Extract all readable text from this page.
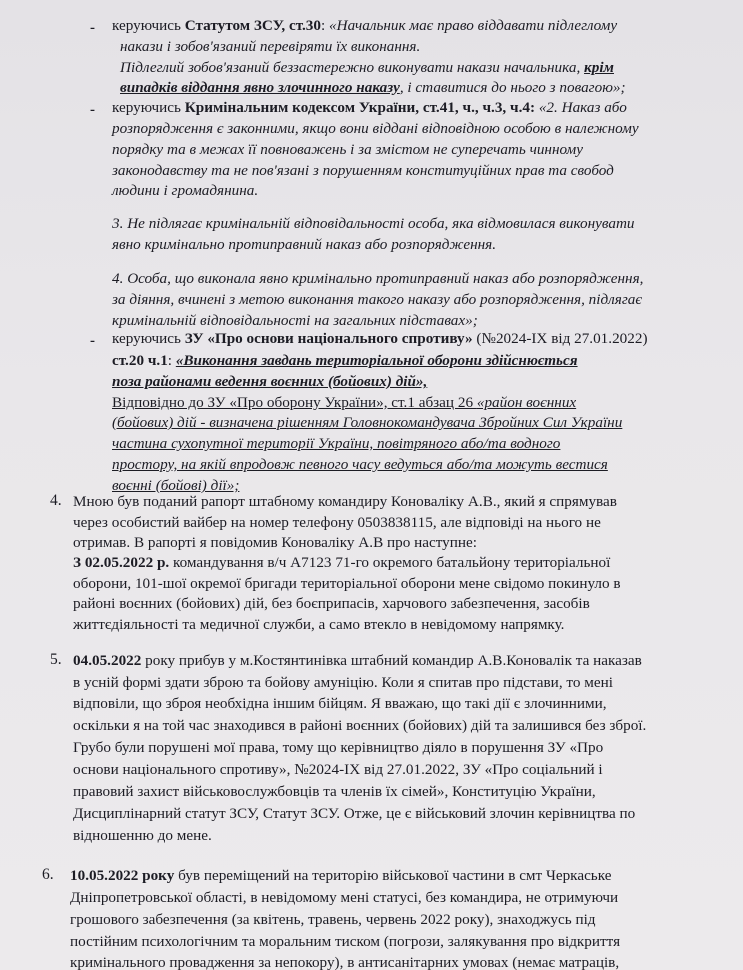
- керуючись Статутом ЗСУ, ст.30: «Начальник має право віддавати підлеглому
накази і зобов'язаний перевіряти їх виконання.
Підлеглий зобов'язаний беззастережно виконувати накази начальника, крім
випадків віддання явно злочинного наказу, і ставитися до нього з повагою»;
- керуючись Кримінальним кодексом України, ст.41, ч., ч.3, ч.4: «2. Наказ або
розпорядження є законними, якщо вони віддані відповідною особою в належному
порядку та в межах її повноважень і за змістом не суперечать чинному
законодавству та не пов'язані з порушенням конституційних прав та свобод
людини і громадянина.
3. Не підлягає кримінальній відповідальності особа, яка відмовилася виконувати
явно кримінально протиправний наказ або розпорядження.
4. Особа, що виконала явно кримінально протиправний наказ або розпорядження,
за діяння, вчинені з метою виконання такого наказу або розпорядження, підлягає
кримінальній відповідальності на загальних підставах»;
- керуючись ЗУ «Про основи національного спротиву» (№2024-IX від 27.01.2022)
ст.20 ч.1: «Виконання завдань територіальної оборони здійснюється
поза районами ведення воєнних (бойових) дій»,
Відповідно до ЗУ «Про оборону України», ст.1 абзац 26 «район воєнних
(бойових) дій - визначена рішенням Головнокомандувача Збройних Сил України
частина сухопутної території України, повітряного або/та водного
простору, на якій впродовж певного часу ведуться або/та можуть вестися
воєнні (бойові) дії»;
4. Мною був поданий рапорт штабному командиру Коновалiку А.В., який я спрямував
через особистий вайбер на номер телефону 0503838115, але відповіді на нього не
отримав. В рапорті я повідомив Коновалiку А.В про наступне:
З 02.05.2022 р. командування в/ч А7123 71-го окремого батальйону територіальної
оборони, 101-шої окремої бригади територіальної оборони мене свідомо покинуло в
районі воєнних (бойових) дій, без боєприпасів, харчового забезпечення, засобів
життєдіяльності та медичної служби, а само втекло в невідомому напрямку.
5. 04.05.2022 року прибув у м.Костянтинівка штабний командир А.В.Коновалік та наказав
в усній формі здати зброю та бойову амуніцію. Коли я спитав про підстави, то мені
відповіли, що зброя необхідна іншим бійцям. Я вважаю, що такі дії є злочинними,
оскільки я на той час знаходився в районі воєнних (бойових) дій та залишився без зброї.
Грубо були порушені мої права, тому що керівництво діяло в порушення ЗУ «Про
основи національного спротиву», №2024-IX від 27.01.2022, ЗУ «Про соціальний і
правовий захист військовослужбовців та членів їх сімей», Конституцію України,
Дисциплінарний статут ЗСУ, Статут ЗСУ. Отже, це є військовий злочин керівництва по
відношенню до мене.
6. 10.05.2022 року був переміщений на територію військової частини в смт Черкаське
Дніпропетровської області, в невідомому мені статусі, без командира, не отримуючи
грошового забезпечення (за квітень, травень, червень 2022 року), знаходжусь під
постійним психологічним та моральним тиском (погрози, залякування про відкриття
кримінального провадження за непокору), в антисанітарних умовах (немає матраців,
